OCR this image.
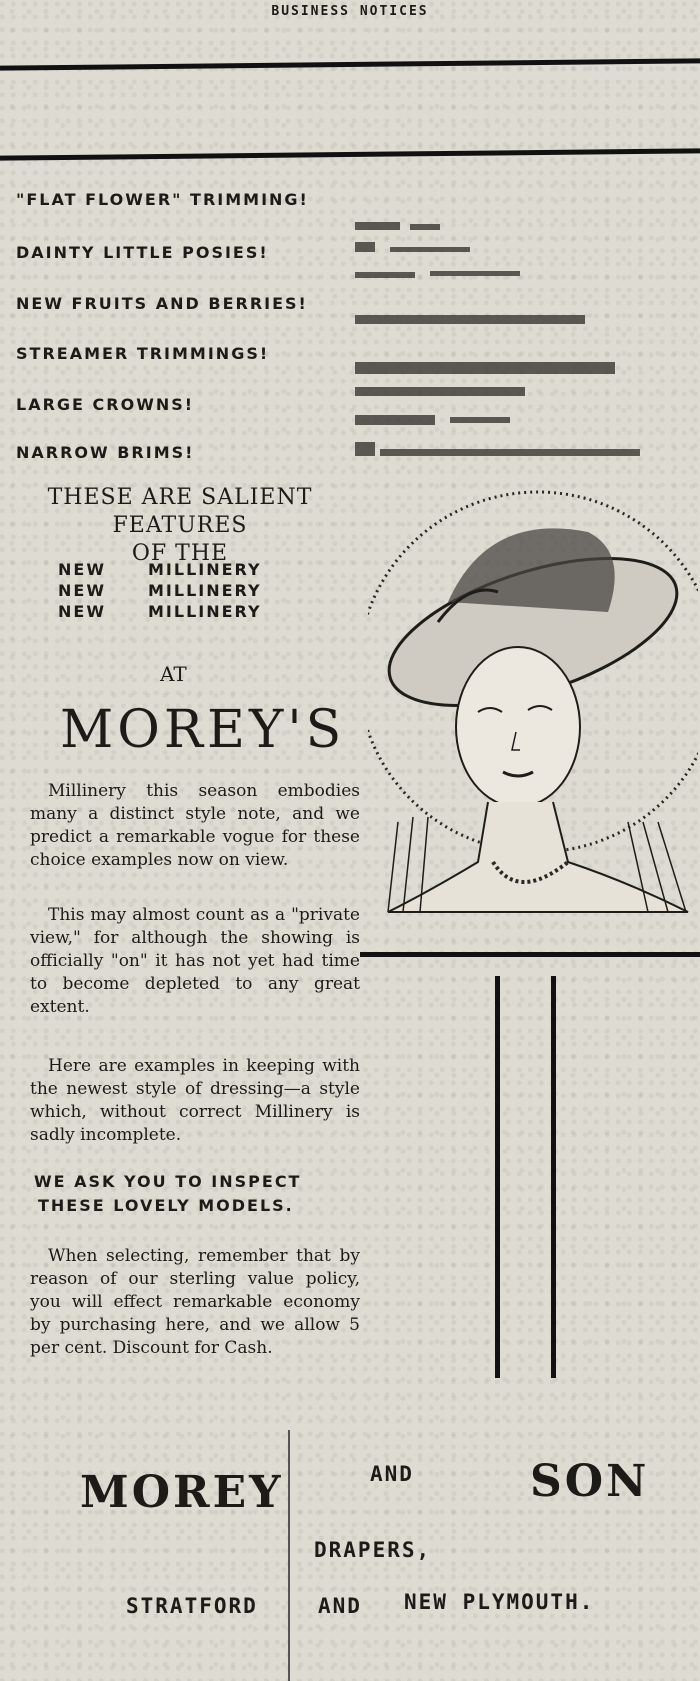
BUSINESS NOTICES
"FLAT FLOWER" TRIMMING!
DAINTY LITTLE POSIES!
NEW FRUITS AND BERRIES!
STREAMER TRIMMINGS!
LARGE CROWNS!
NARROW BRIMS!
THESE ARE SALIENT FEATURES
OF THE
NEW	MILLINERY
NEW	MILLINERY
NEW	MILLINERY
AT
MOREY'S
Millinery this season embodies many a distinct style note, and we predict a remarkable vogue for these choice examples now on view.
This may almost count as a "private view," for although the showing is officially "on" it has not yet had time to become depleted to any great extent.
Here are examples in keeping with the newest style of dressing—a style which, without correct Millinery is sadly incomplete.
WE ASK YOU TO INSPECT
THESE LOVELY MODELS.
When selecting, remember that by reason of our sterling value policy, you will effect remarkable economy by purchasing here, and we allow 5 per cent. Discount for Cash.
MOREY	AND	SON
DRAPERS,
STRATFORD	AND NEW PLYMOUTH.
